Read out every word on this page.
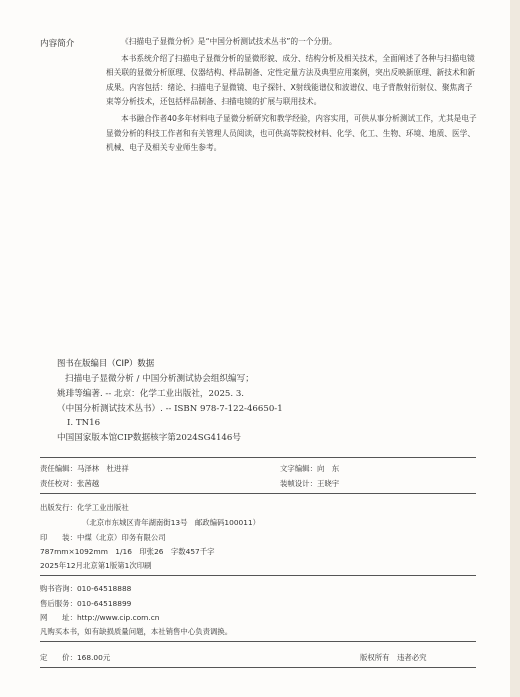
内容简介	《扫描电子显微分析》是“中国分析测试技术丛书”的一个分册。

本书系统介绍了扫描电子显微分析的显微形貌、成分、结构分析及相关技术，全面阐述了各种与扫描电镜相关联的显微分析原理、仪器结构、样品制备、定性定量方法及典型应用案例，突出反映新原理、新技术和新成果。内容包括：绪论、扫描电子显微镜、电子探针、X射线能谱仪和波谱仪、电子背散射衍射仪、聚焦离子束等分析技术，还包括样品制备、扫描电镜的扩展与联用技术。

本书融合作者40多年材料电子显微分析研究和教学经验，内容实用，可供从事分析测试工作，尤其是电子显微分析的科技工作者和有关管理人员阅读，也可供高等院校材料、化学、化工、生物、环境、地质、医学、机械、电子及相关专业师生参考。

图书在版编目（CIP）数据
扫描电子显微分析 / 中国分析测试协会组织编写；
姚琲等编著. -- 北京：化学工业出版社，2025. 3.
（中国分析测试技术丛书）. -- ISBN 978-7-122-46650-1
Ⅰ. TN16
中国国家版本馆CIP数据核字第2024SG4146号
责任编辑：马泽林　杜进祥	文字编辑：向　东
责任校对：张茜越	装帧设计：王晓宇
出版发行：化学工业出版社
（北京市东城区青年湖南街13号　邮政编码100011）
印　　装：中煤（北京）印务有限公司
787mm×1092mm　1/16　印张26　字数457千字
2025年12月北京第1版第1次印刷
购书咨询：010-64518888
售后服务：010-64518899
网　　址：http://www.cip.com.cn
凡购买本书，如有缺损质量问题，本社销售中心负责调换。
定　　价：168.00元	版权所有　违者必究
